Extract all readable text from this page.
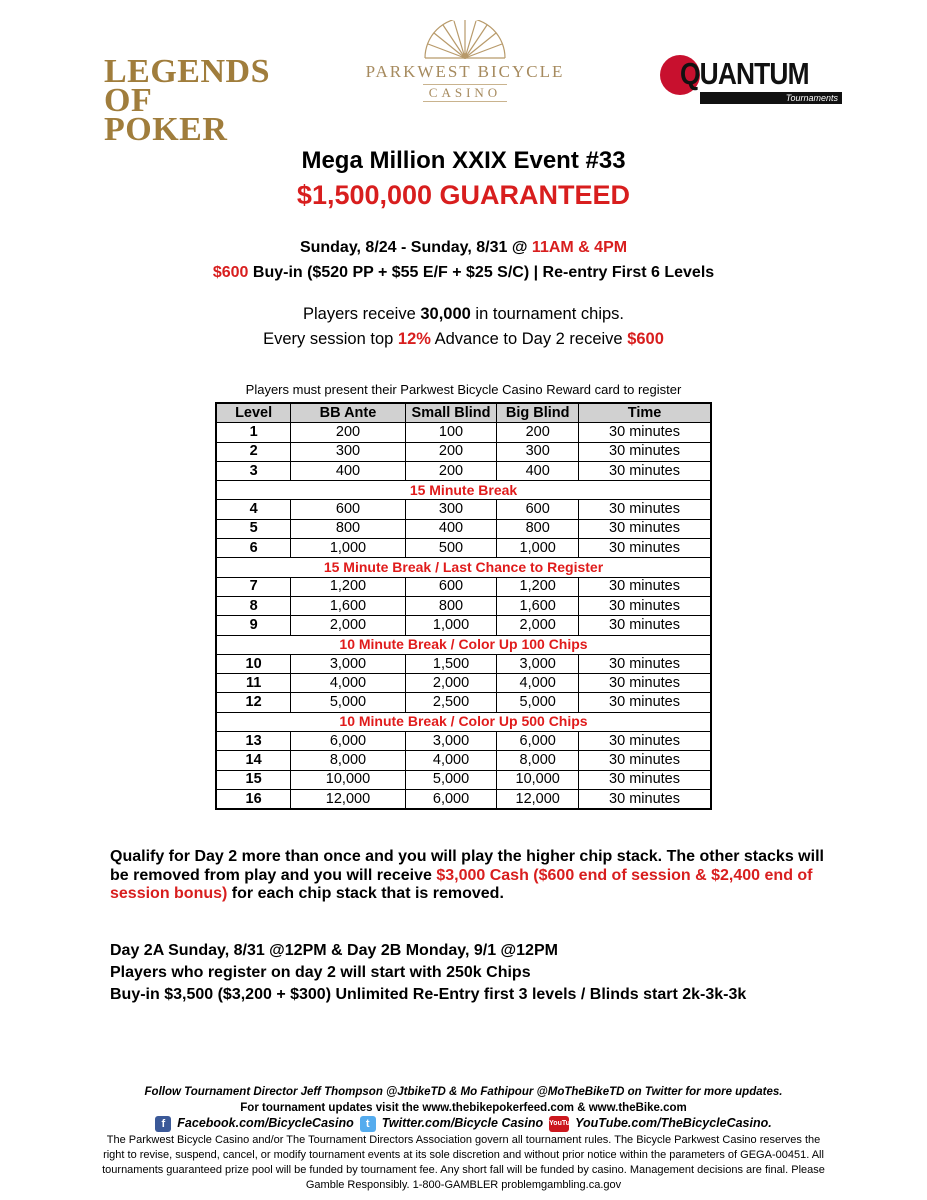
LEGENDS
OF POKER
PARKWEST BICYCLE
CASINO
QUANTUM
Tournaments
Mega Million XXIX Event #33
$1,500,000 GUARANTEED
Sunday, 8/24 - Sunday, 8/31 @ 11AM & 4PM
$600 Buy-in ($520 PP + $55 E/F + $25 S/C) | Re-entry First 6 Levels
Players receive 30,000 in tournament chips.
Every session top 12% Advance to Day 2 receive $600
Players must present their Parkwest Bicycle Casino Reward card to register
Level	BB Ante	Small Blind	Big Blind	Time
1	200	100	200	30 minutes
2	300	200	300	30 minutes
3	400	200	400	30 minutes
15 Minute Break				
4	600	300	600	30 minutes
5	800	400	800	30 minutes
6	1,000	500	1,000	30 minutes
15 Minute Break / Last Chance to Register				
7	1,200	600	1,200	30 minutes
8	1,600	800	1,600	30 minutes
9	2,000	1,000	2,000	30 minutes
10 Minute Break / Color Up 100 Chips				
10	3,000	1,500	3,000	30 minutes
11	4,000	2,000	4,000	30 minutes
12	5,000	2,500	5,000	30 minutes
10 Minute Break / Color Up 500 Chips				
13	6,000	3,000	6,000	30 minutes
14	8,000	4,000	8,000	30 minutes
15	10,000	5,000	10,000	30 minutes
16	12,000	6,000	12,000	30 minutes
Qualify for Day 2 more than once and you will play the higher chip stack. The other stacks will be removed from play and you will receive $3,000 Cash ($600 end of session & $2,400 end of session bonus) for each chip stack that is removed.
Day 2A Sunday, 8/31 @12PM & Day 2B Monday, 9/1 @12PM
Players who register on day 2 will start with 250k Chips
Buy-in $3,500 ($3,200 + $300) Unlimited Re-Entry first 3 levels / Blinds start 2k-3k-3k
Follow Tournament Director Jeff Thompson @JtbikeTD & Mo Fathipour @MoTheBikeTD on Twitter for more updates.
For tournament updates visit the www.thebikepokerfeed.com & www.theBike.com
f Facebook.com/BicycleCasino	t Twitter.com/Bicycle Casino YouTube
YouTube.com/TheBicycleCasino.
The Parkwest Bicycle Casino and/or The Tournament Directors Association govern all tournament rules. The Bicycle Parkwest Casino reserves the right to revise, suspend, cancel, or modify tournament events at its sole discretion and without prior notice within the parameters of GEGA-00451. All tournaments guaranteed prize pool will be funded by tournament fee. Any short fall will be funded by casino. Management decisions are final. Please Gamble Responsibly. 1-800-GAMBLER problemgambling.ca.gov
